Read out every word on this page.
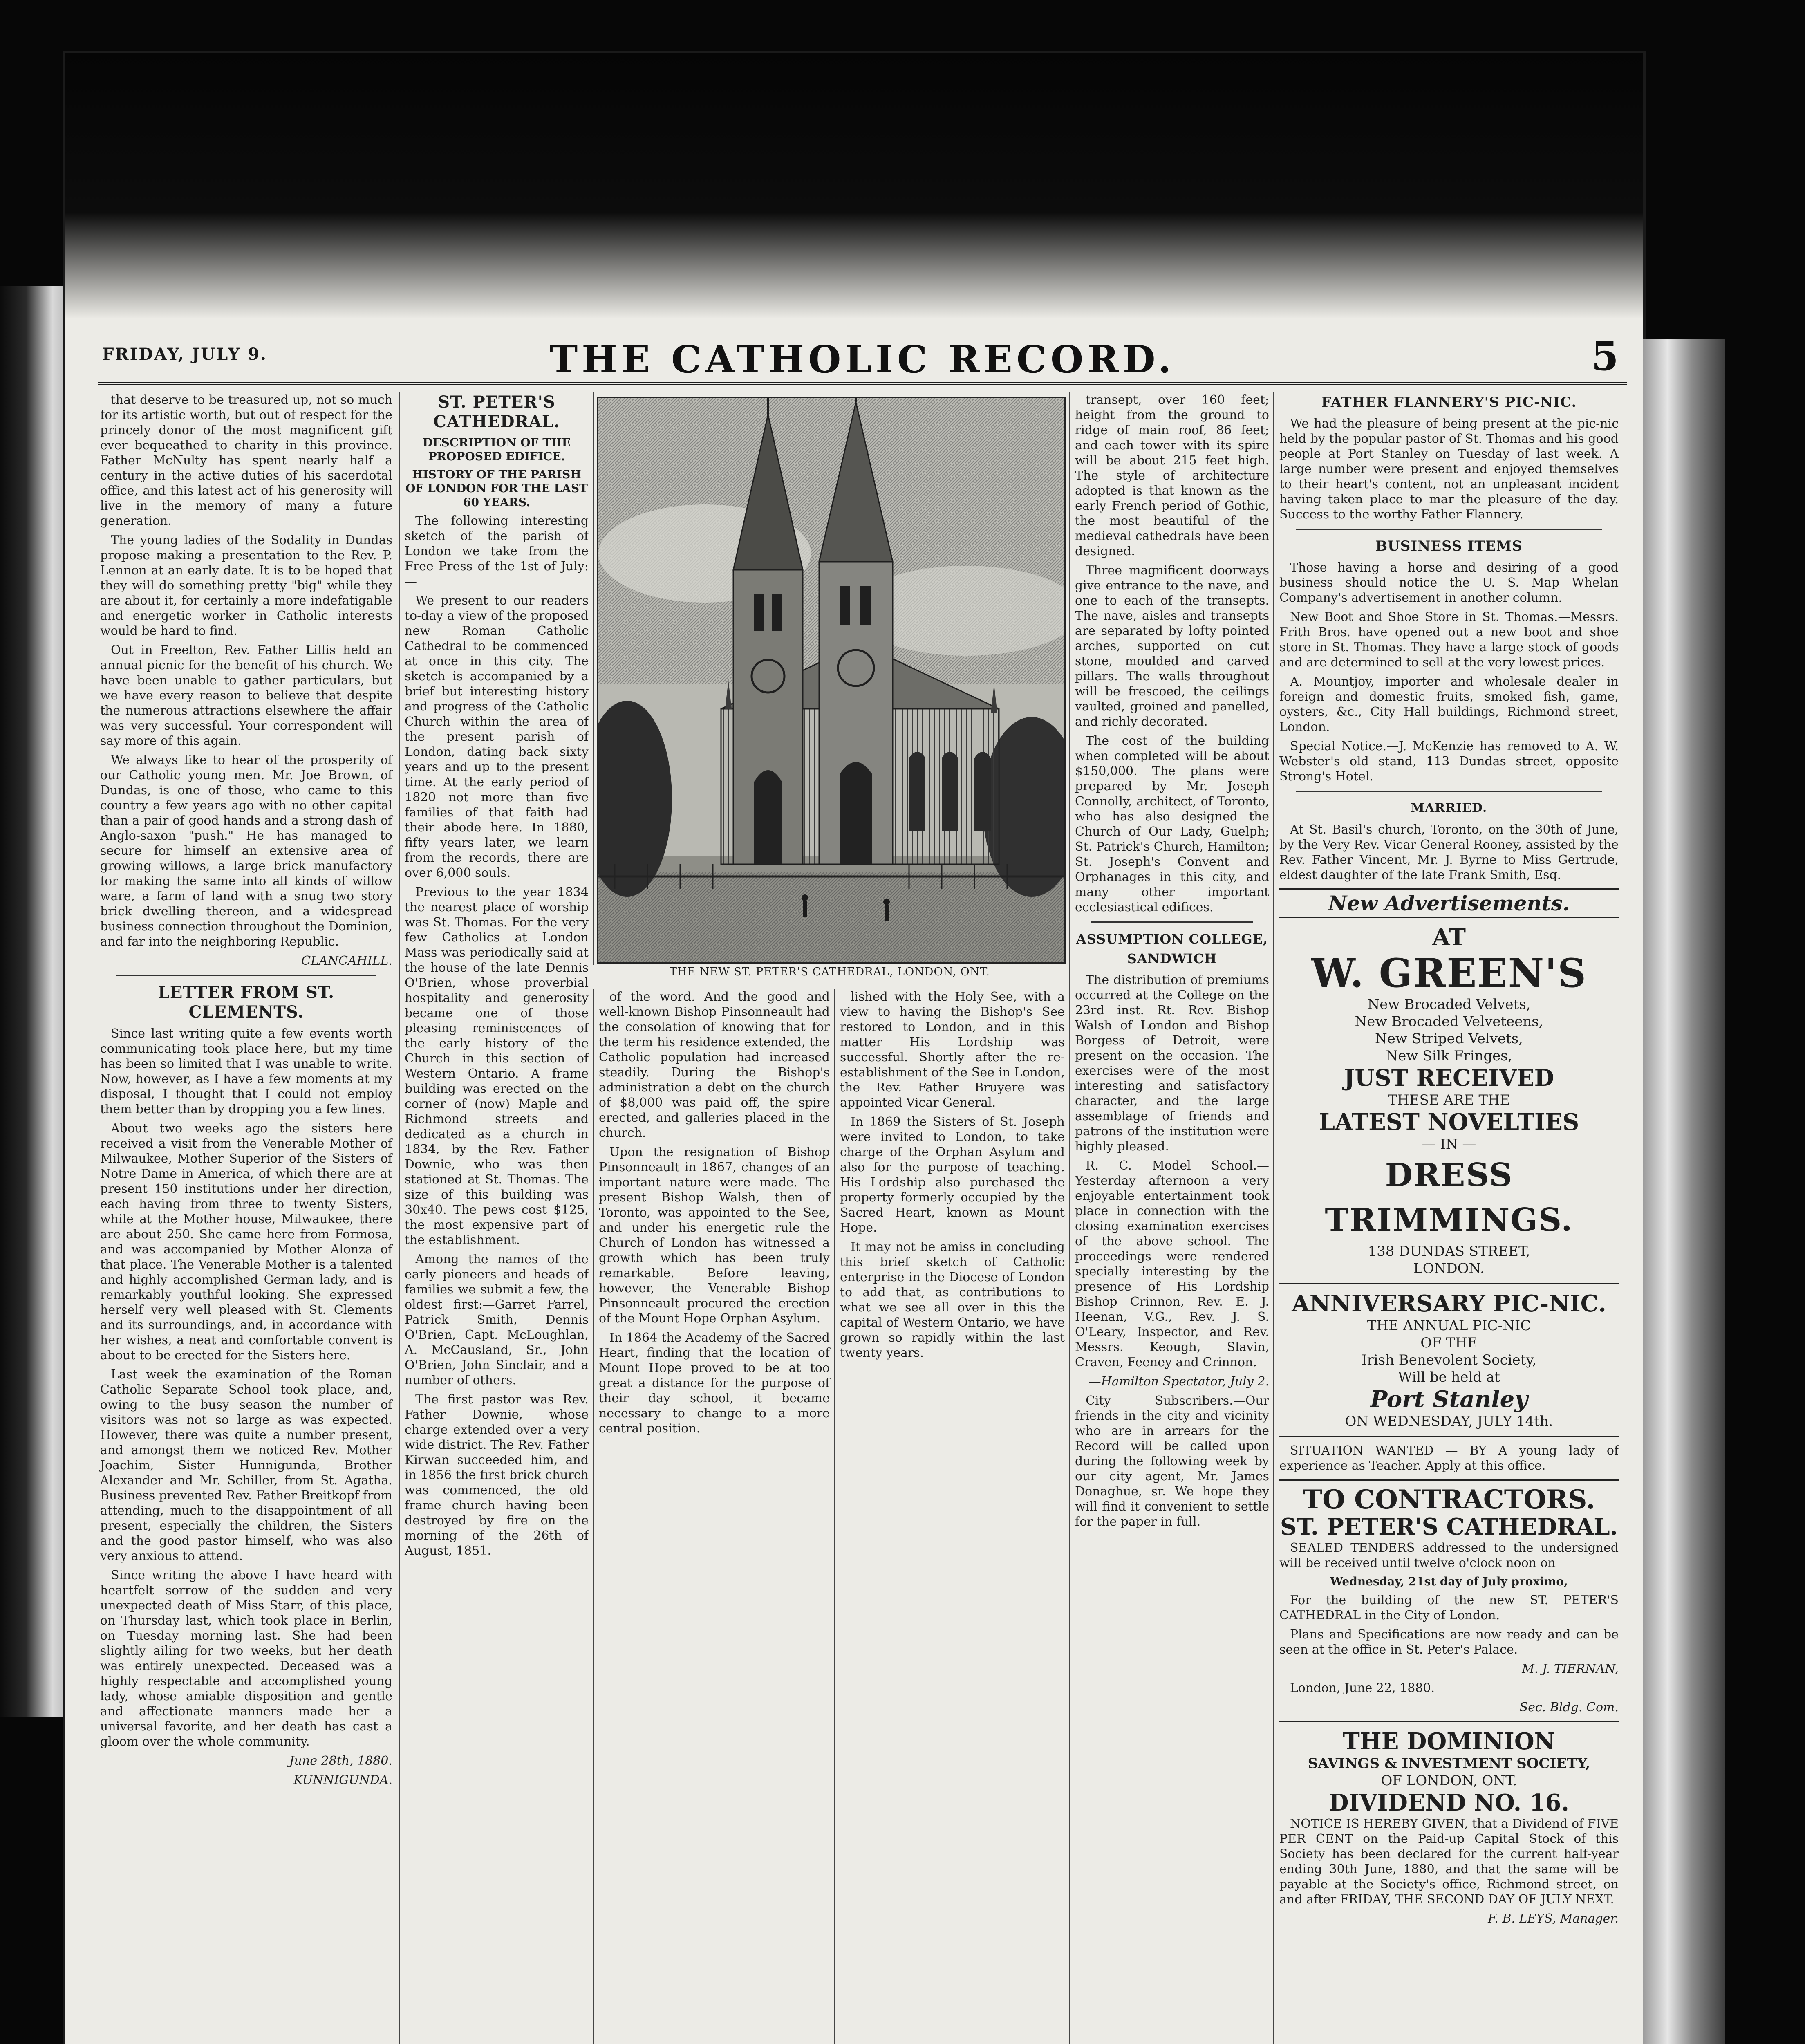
FRIDAY, JULY 9.	THE CATHOLIC RECORD.	5

that deserve to be treasured up, not so much for its artistic worth, but out of respect for the princely donor of the most magnificent gift ever bequeathed to charity in this province. Father McNulty has spent nearly half a century in the active duties of his sacerdotal office, and this latest act of his generosity will live in the memory of many a future generation.

The young ladies of the Sodality in Dundas propose making a presentation to the Rev. P. Lennon at an early date. It is to be hoped that they will do something pretty "big" while they are about it, for certainly a more indefatigable and energetic worker in Catholic interests would be hard to find.

Out in Freelton, Rev. Father Lillis held an annual picnic for the benefit of his church. We have been unable to gather particulars, but we have every reason to believe that despite the numerous attractions elsewhere the affair was very successful. Your correspondent will say more of this again.

We always like to hear of the prosperity of our Catholic young men. Mr. Joe Brown, of Dundas, is one of those, who came to this country a few years ago with no other capital than a pair of good hands and a strong dash of Anglo-saxon "push." He has managed to secure for himself an extensive area of growing willows, a large brick manufactory for making the same into all kinds of willow ware, a farm of land with a snug two story brick dwelling thereon, and a widespread business connection throughout the Dominion, and far into the neighboring Republic.

CLANCAHILL.

LETTER FROM ST. CLEMENTS.

Since last writing quite a few events worth communicating took place here, but my time has been so limited that I was unable to write. Now, however, as I have a few moments at my disposal, I thought that I could not employ them better than by dropping you a few lines.

About two weeks ago the sisters here received a visit from the Venerable Mother of Milwaukee, Mother Superior of the Sisters of Notre Dame in America, of which there are at present 150 institutions under her direction, each having from three to twenty Sisters, while at the Mother house, Milwaukee, there are about 250. She came here from Formosa, and was accompanied by Mother Alonza of that place. The Venerable Mother is a talented and highly accomplished German lady, and is remarkably youthful looking. She expressed herself very well pleased with St. Clements and its surroundings, and, in accordance with her wishes, a neat and comfortable convent is about to be erected for the Sisters here.

Last week the examination of the Roman Catholic Separate School took place, and, owing to the busy season the number of visitors was not so large as was expected. However, there was quite a number present, and amongst them we noticed Rev. Mother Joachim, Sister Hunnigunda, Brother Alexander and Mr. Schiller, from St. Agatha. Business prevented Rev. Father Breitkopf from attending, much to the disappointment of all present, especially the children, the Sisters and the good pastor himself, who was also very anxious to attend.

Since writing the above I have heard with heartfelt sorrow of the sudden and very unexpected death of Miss Starr, of this place, on Thursday last, which took place in Berlin, on Tuesday morning last. She had been slightly ailing for two weeks, but her death was entirely unexpected. Deceased was a highly respectable and accomplished young lady, whose amiable disposition and gentle and affectionate manners made her a universal favorite, and her death has cast a gloom over the whole community.

June 28th, 1880.

KUNNIGUNDA.

ST. PETER'S CATHEDRAL.

DESCRIPTION OF THE PROPOSED EDIFICE.

HISTORY OF THE PARISH OF LONDON FOR THE LAST 60 YEARS.

The following interesting sketch of the parish of London we take from the Free Press of the 1st of July:—

We present to our readers to-day a view of the proposed new Roman Catholic Cathedral to be commenced at once in this city. The sketch is accompanied by a brief but interesting history and progress of the Catholic Church within the area of the present parish of London, dating back sixty years and up to the present time. At the early period of 1820 not more than five families of that faith had their abode here. In 1880, fifty years later, we learn from the records, there are over 6,000 souls.

Previous to the year 1834 the nearest place of worship was St. Thomas. For the very few Catholics at London Mass was periodically said at the house of the late Dennis O'Brien, whose proverbial hospitality and generosity became one of those pleasing reminiscences of the early history of the Church in this section of Western Ontario. A frame building was erected on the corner of (now) Maple and Richmond streets and dedicated as a church in 1834, by the Rev. Father Downie, who was then stationed at St. Thomas. The size of this building was 30x40. The pews cost $125, the most expensive part of the establishment.

Among the names of the early pioneers and heads of families we submit a few, the oldest first:—Garret Farrel, Patrick Smith, Dennis O'Brien, Capt. McLoughlan, A. McCausland, Sr., John O'Brien, John Sinclair, and a number of others.

The first pastor was Rev. Father Downie, whose charge extended over a very wide district. The Rev. Father Kirwan succeeded him, and in 1856 the first brick church was commenced, the old frame church having been destroyed by fire on the morning of the 26th of August, 1851.

THE NEW ST. PETER'S CATHEDRAL, LONDON, ONT.

of the word. And the good and well-known Bishop Pinsonneault had the consolation of knowing that for the term his residence extended, the Catholic population had increased steadily. During the Bishop's administration a debt on the church of $8,000 was paid off, the spire erected, and galleries placed in the church.

Upon the resignation of Bishop Pinsonneault in 1867, changes of an important nature were made. The present Bishop Walsh, then of Toronto, was appointed to the See, and under his energetic rule the Church of London has witnessed a growth which has been truly remarkable. Before leaving, however, the Venerable Bishop Pinsonneault procured the erection of the Mount Hope Orphan Asylum.

In 1864 the Academy of the Sacred Heart, finding that the location of Mount Hope proved to be at too great a distance for the purpose of their day school, it became necessary to change to a more central position.

lished with the Holy See, with a view to having the Bishop's See restored to London, and in this matter His Lordship was successful. Shortly after the re-establishment of the See in London, the Rev. Father Bruyere was appointed Vicar General.

In 1869 the Sisters of St. Joseph were invited to London, to take charge of the Orphan Asylum and also for the purpose of teaching. His Lordship also purchased the property formerly occupied by the Sacred Heart, known as Mount Hope.

It may not be amiss in concluding this brief sketch of Catholic enterprise in the Diocese of London to add that, as contributions to what we see all over in this the capital of Western Ontario, we have grown so rapidly within the last twenty years.

transept, over 160 feet; height from the ground to ridge of main roof, 86 feet; and each tower with its spire will be about 215 feet high. The style of architecture adopted is that known as the early French period of Gothic, the most beautiful of the medieval cathedrals have been designed.

Three magnificent doorways give entrance to the nave, and one to each of the transepts. The nave, aisles and transepts are separated by lofty pointed arches, supported on cut stone, moulded and carved pillars. The walls throughout will be frescoed, the ceilings vaulted, groined and panelled, and richly decorated.

The cost of the building when completed will be about $150,000. The plans were prepared by Mr. Joseph Connolly, architect, of Toronto, who has also designed the Church of Our Lady, Guelph; St. Patrick's Church, Hamilton; St. Joseph's Convent and Orphanages in this city, and many other important ecclesiastical edifices.

ASSUMPTION COLLEGE, SANDWICH

The distribution of premiums occurred at the College on the 23rd inst. Rt. Rev. Bishop Walsh of London and Bishop Borgess of Detroit, were present on the occasion. The exercises were of the most interesting and satisfactory character, and the large assemblage of friends and patrons of the institution were highly pleased.

R. C. Model School.—Yesterday afternoon a very enjoyable entertainment took place in connection with the closing examination exercises of the above school. The proceedings were rendered specially interesting by the presence of His Lordship Bishop Crinnon, Rev. E. J. Heenan, V.G., Rev. J. S. O'Leary, Inspector, and Rev. Messrs. Keough, Slavin, Craven, Feeney and Crinnon.

—Hamilton Spectator, July 2.

City Subscribers.—Our friends in the city and vicinity who are in arrears for the Record will be called upon during the following week by our city agent, Mr. James Donaghue, sr. We hope they will find it convenient to settle for the paper in full.

FATHER FLANNERY'S PIC-NIC.

We had the pleasure of being present at the pic-nic held by the popular pastor of St. Thomas and his good people at Port Stanley on Tuesday of last week. A large number were present and enjoyed themselves to their heart's content, not an unpleasant incident having taken place to mar the pleasure of the day. Success to the worthy Father Flannery.

BUSINESS ITEMS

Those having a horse and desiring of a good business should notice the U. S. Map Whelan Company's advertisement in another column.

New Boot and Shoe Store in St. Thomas.—Messrs. Frith Bros. have opened out a new boot and shoe store in St. Thomas. They have a large stock of goods and are determined to sell at the very lowest prices.

A. Mountjoy, importer and wholesale dealer in foreign and domestic fruits, smoked fish, game, oysters, &c., City Hall buildings, Richmond street, London.

Special Notice.—J. McKenzie has removed to A. W. Webster's old stand, 113 Dundas street, opposite Strong's Hotel.

MARRIED.

At St. Basil's church, Toronto, on the 30th of June, by the Very Rev. Vicar General Rooney, assisted by the Rev. Father Vincent, Mr. J. Byrne to Miss Gertrude, eldest daughter of the late Frank Smith, Esq.

New Advertisements.
AT
W. GREEN'S
New Brocaded Velvets,
New Brocaded Velveteens,
New Striped Velvets,
New Silk Fringes,
JUST RECEIVED
THESE ARE THE
LATEST NOVELTIES
— IN —
DRESS TRIMMINGS.
138 DUNDAS STREET,
LONDON.
ANNIVERSARY PIC-NIC.
THE ANNUAL PIC-NIC
OF THE
Irish Benevolent Society,
Will be held at
Port Stanley
ON WEDNESDAY, JULY 14th.

SITUATION WANTED — BY A young lady of experience as Teacher. Apply at this office.

TO CONTRACTORS.
ST. PETER'S CATHEDRAL.

SEALED TENDERS addressed to the undersigned will be received until twelve o'clock noon on

Wednesday, 21st day of July proximo,

For the building of the new ST. PETER'S CATHEDRAL in the City of London.

Plans and Specifications are now ready and can be seen at the office in St. Peter's Palace.

M. J. TIERNAN,

London, June 22, 1880.

Sec. Bldg. Com.

THE DOMINION
SAVINGS & INVESTMENT SOCIETY,
OF LONDON, ONT.
DIVIDEND NO. 16.

NOTICE IS HEREBY GIVEN, that a Dividend of FIVE PER CENT on the Paid-up Capital Stock of this Society has been declared for the current half-year ending 30th June, 1880, and that the same will be payable at the Society's office, Richmond street, on and after FRIDAY, THE SECOND DAY OF JULY NEXT.

F. B. LEYS, Manager.
